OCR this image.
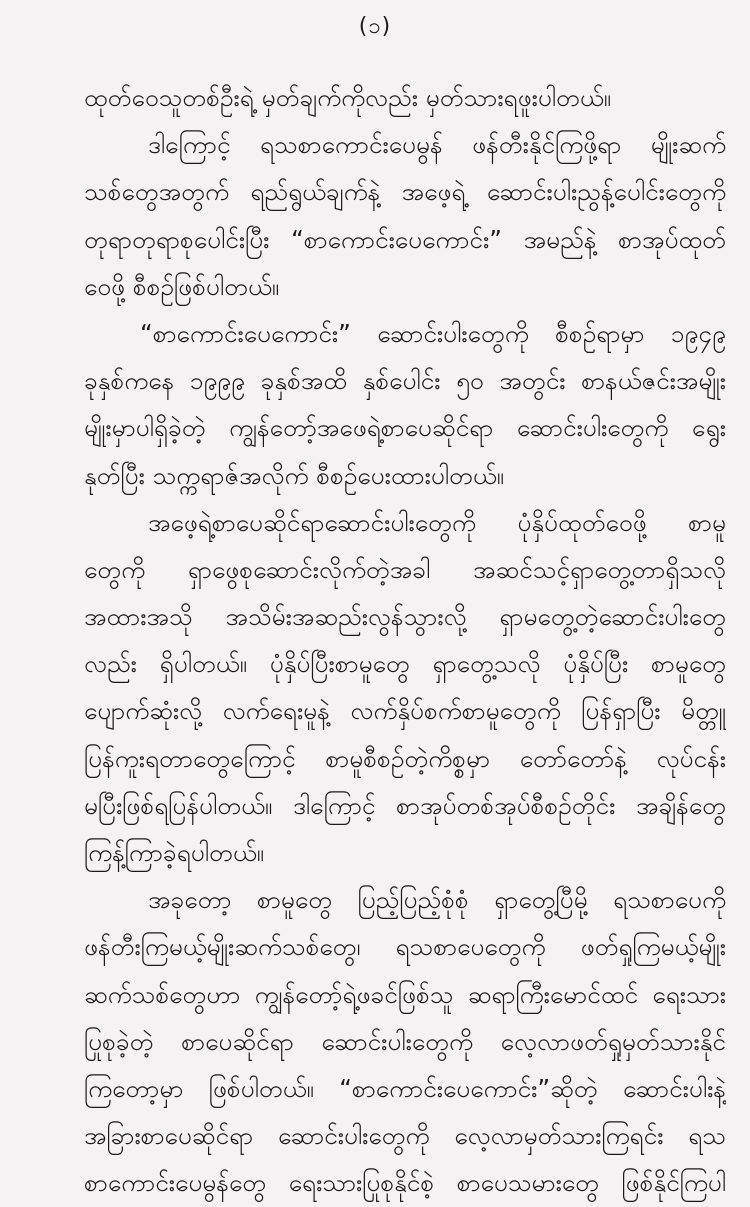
(၁)
ထုတ်ဝေသူတစ်ဦးရဲ့ မှတ်ချက်ကိုလည်း မှတ်သားရဖူးပါတယ်။
ဒါကြောင့် ရသစာကောင်းပေမွန် ဖန်တီးနိုင်ကြဖို့ရာ မျိုးဆက်
သစ်တွေအတွက် ရည်ရွယ်ချက်နဲ့ အဖေ့ရဲ့ ဆောင်းပါးညွန့်ပေါင်းတွေကို
တုရာတုရာစုပေါင်းပြီး “စာကောင်းပေကောင်း” အမည်နဲ့ စာအုပ်ထုတ်
ဝေဖို့ စီစဉ်ဖြစ်ပါတယ်။
“စာကောင်းပေကောင်း” ဆောင်းပါးတွေကို စီစဉ်ရာမှာ ၁၉၄၉
ခုနှစ်ကနေ ၁၉၉၉ ခုနှစ်အထိ နှစ်ပေါင်း ၅၀ အတွင်း စာနယ်ဇင်းအမျိုး
မျိုးမှာပါရှိခဲ့တဲ့ ကျွန်တော့်အဖေရဲ့စာပေဆိုင်ရာ ဆောင်းပါးတွေကို ရွေး
နုတ်ပြီး သက္ကရာဇ်အလိုက် စီစဉ်ပေးထားပါတယ်။
အဖေ့ရဲ့စာပေဆိုင်ရာဆောင်းပါးတွေကို ပုံနှိပ်ထုတ်ဝေဖို့ စာမူ
တွေကို ရှာဖွေစုဆောင်းလိုက်တဲ့အခါ အဆင်သင့်ရှာတွေ့တာရှိသလို
အထားအသို အသိမ်းအဆည်းလွန်သွားလို့ ရှာမတွေ့တဲ့ဆောင်းပါးတွေ
လည်း ရှိပါတယ်။ ပုံနှိပ်ပြီးစာမူတွေ ရှာတွေ့သလို ပုံနှိပ်ပြီး စာမူတွေ
ပျောက်ဆုံးလို့ လက်ရေးမူနဲ့ လက်နှိပ်စက်စာမူတွေကို ပြန်ရှာပြီး မိတ္တူ
ပြန်ကူးရတာတွေကြောင့် စာမူစီစဉ်တဲ့ကိစ္စမှာ တော်တော်နဲ့ လုပ်ငန်း
မပြီးဖြစ်ရပြန်ပါတယ်။ ဒါကြောင့် စာအုပ်တစ်အုပ်စီစဉ်တိုင်း အချိန်တွေ
ကြန့်ကြာခဲ့ရပါတယ်။
အခုတော့ စာမူတွေ ပြည့်ပြည့်စုံစုံ ရှာတွေ့ပြီမို့ ရသစာပေကို
ဖန်တီးကြမယ့်မျိုးဆက်သစ်တွေ၊ ရသစာပေတွေကို ဖတ်ရှုကြမယ့်မျိုး
ဆက်သစ်တွေဟာ ကျွန်တော့်ရဲ့ဖခင်ဖြစ်သူ ဆရာကြီးမောင်ထင် ရေးသား
ပြုစုခဲ့တဲ့ စာပေဆိုင်ရာ ဆောင်းပါးတွေကို လေ့လာဖတ်ရှုမှတ်သားနိုင်
ကြတော့မှာ ဖြစ်ပါတယ်။ “စာကောင်းပေကောင်း”ဆိုတဲ့ ဆောင်းပါးနဲ့
အခြားစာပေဆိုင်ရာ ဆောင်းပါးတွေကို လေ့လာမှတ်သားကြရင်း ရသ
စာကောင်းပေမွန်တွေ ရေးသားပြုစုနိုင်စဲ့ စာပေသမားတွေ ဖြစ်နိုင်ကြပါ
